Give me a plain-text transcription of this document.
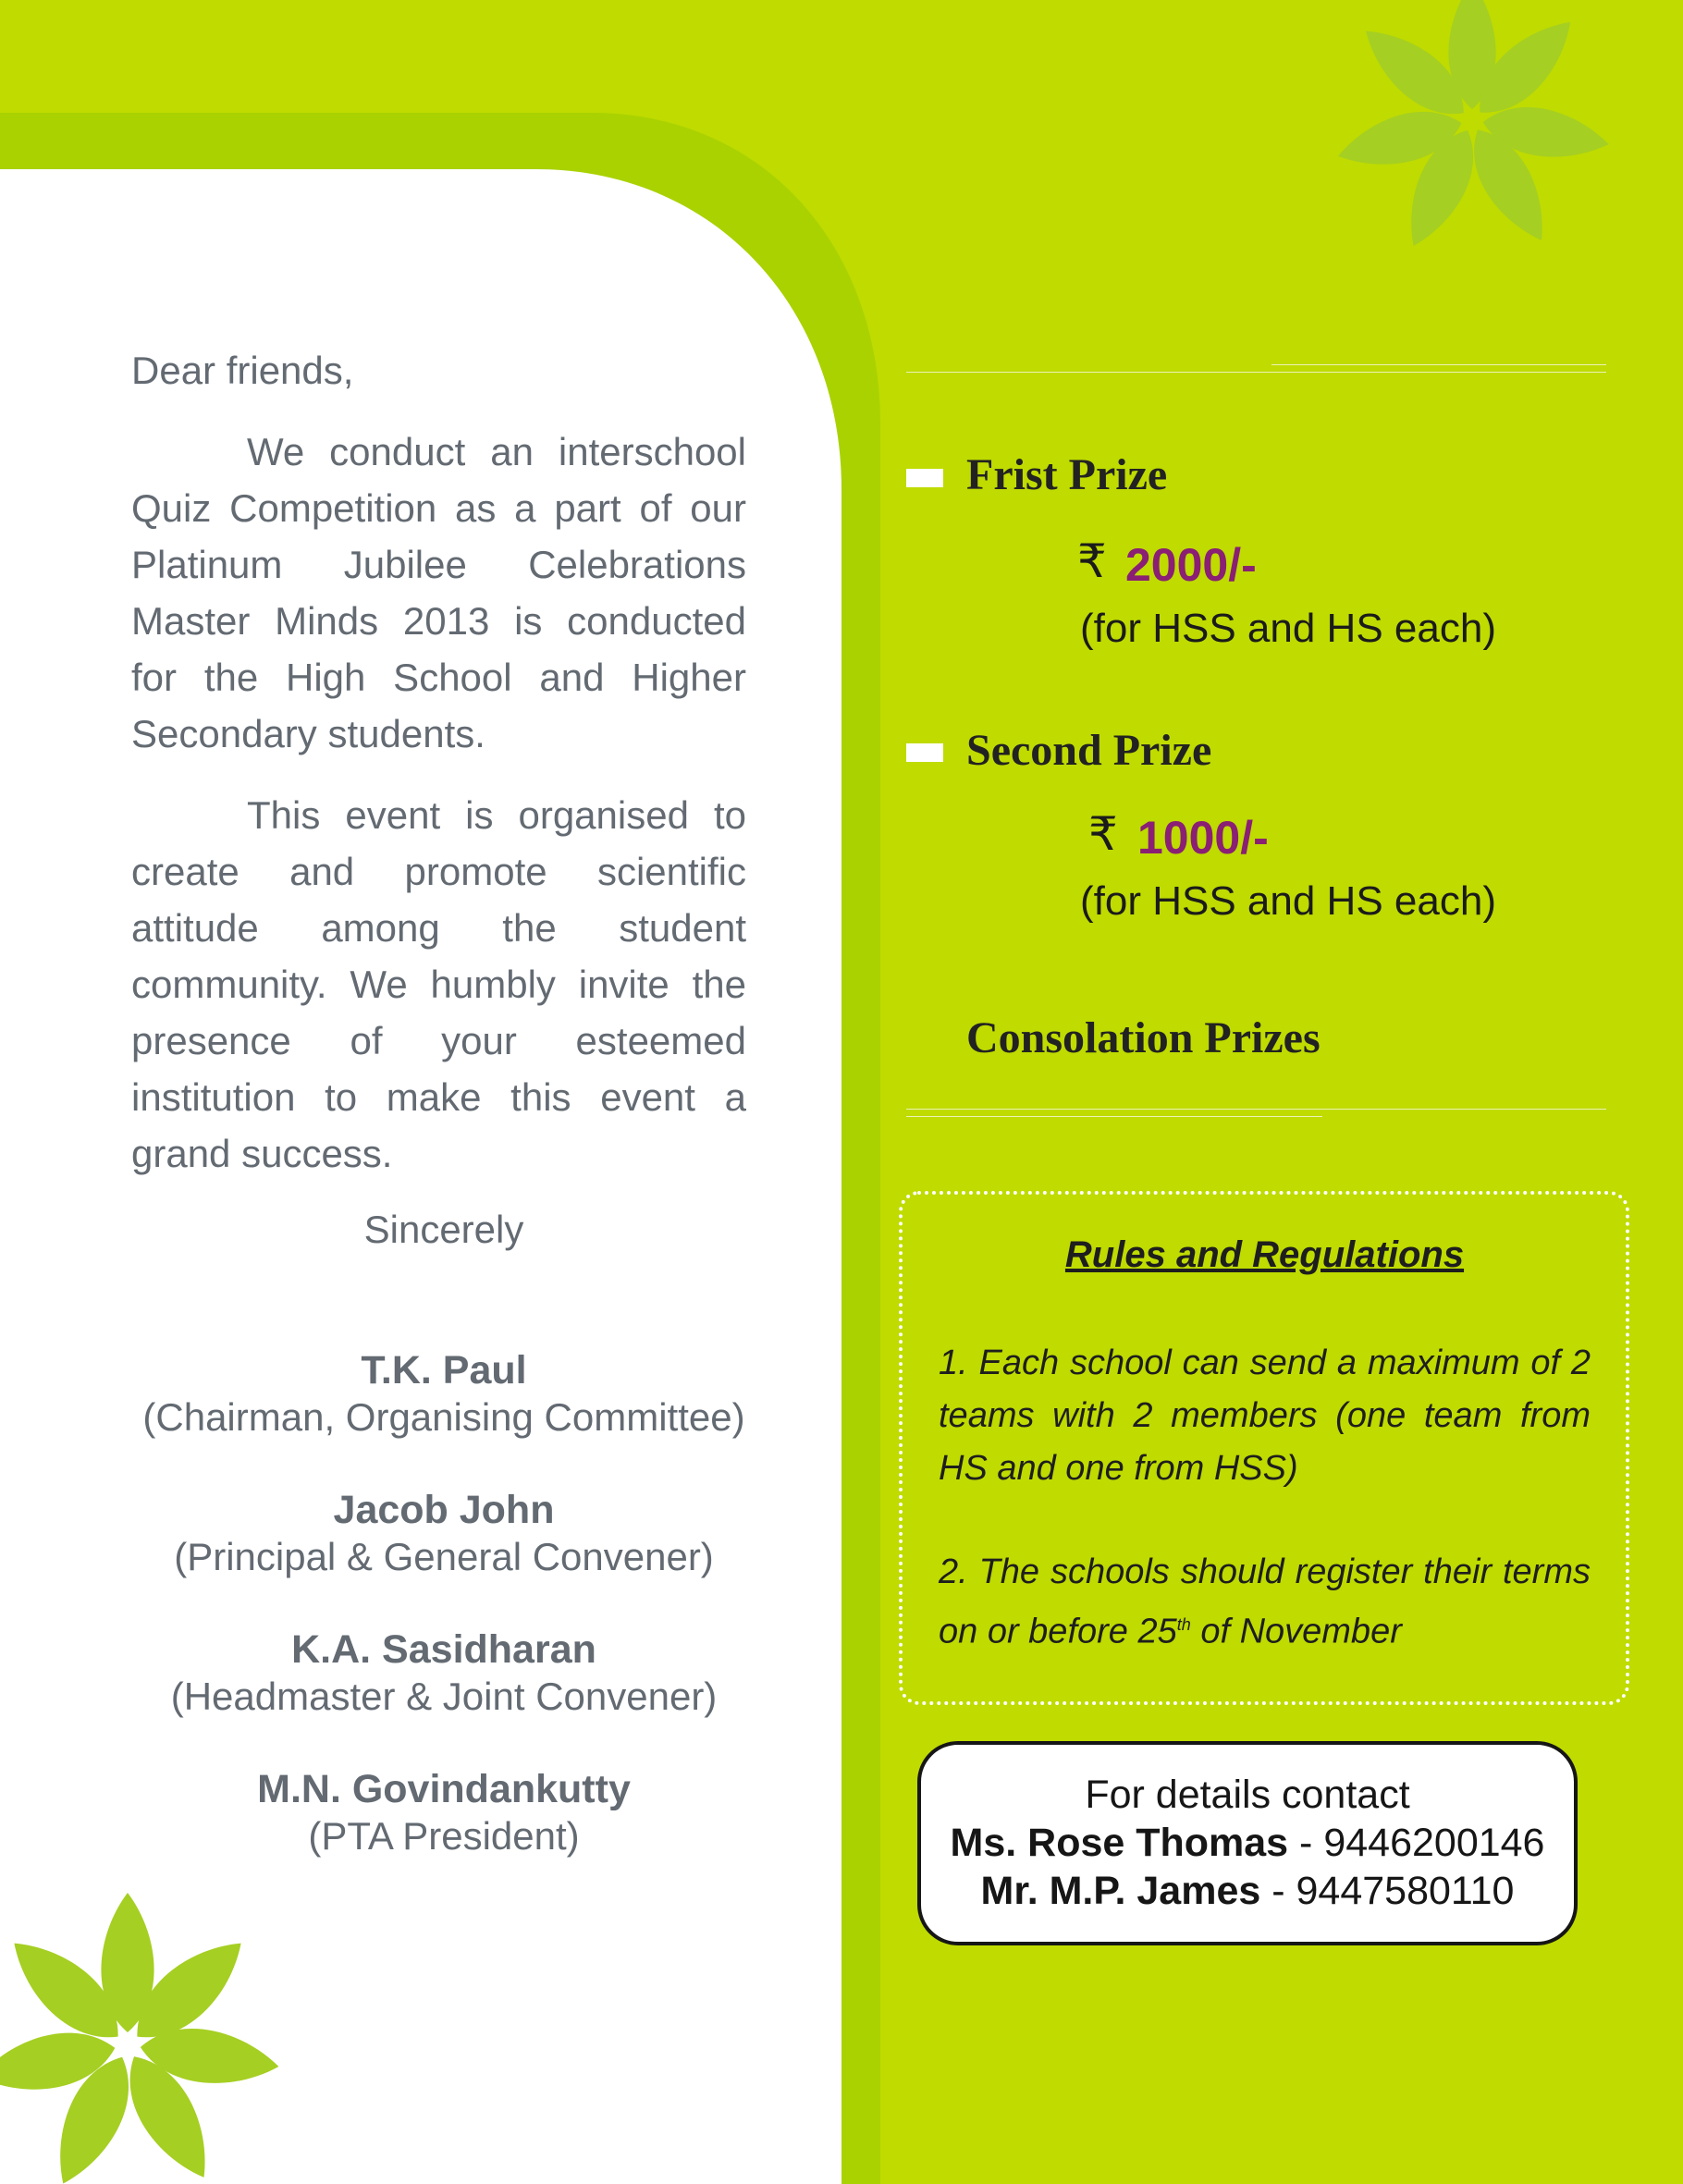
Dear friends,

We conduct an interschool Quiz Competition as a part of our Platinum Jubilee Celebrations Master Minds 2013 is conducted for the High School and Higher Secondary students.

This event is organised to create and promote scientific attitude among the student community. We humbly invite the presence of your esteemed institution to make this event a grand success.

Sincerely
T.K. Paul
(Chairman, Organising Committee)
Jacob John
(Principal & General Convener)
K.A. Sasidharan
(Headmaster & Joint Convener)
M.N. Govindankutty
(PTA President)
Frist Prize
₹ 2000/-
(for HSS and HS each)
Second Prize
₹ 1000/-
(for HSS and HS each)
Consolation Prizes
Rules and Regulations

1. Each school can send a maximum of 2 teams with 2 members (one team from HS and one from HSS)

2. The schools should register their terms on or before 25th of November

For details contact
Ms. Rose Thomas - 9446200146
Mr. M.P. James - 9447580110
